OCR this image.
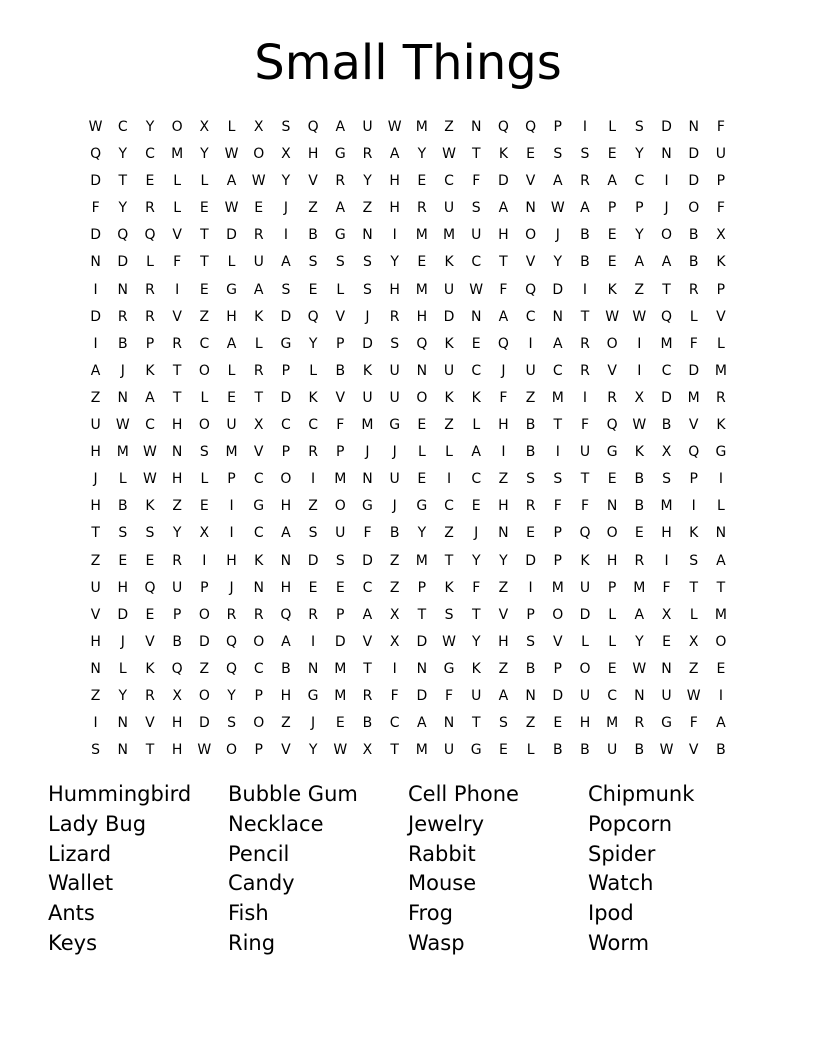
Small Things
W	C	Y	O	X	L	X	S	Q	A	U	W	M	Z	N	Q	Q	P	I	L	S	D	N	F
Q	Y	C	M	Y	W	O	X	H	G	R	A	Y	W	T	K	E	S	S	E	Y	N	D	U
D	T	E	L	L	A	W	Y	V	R	Y	H	E	C	F	D	V	A	R	A	C	I	D	P
F	Y	R	L	E	W	E	J	Z	A	Z	H	R	U	S	A	N	W	A	P	P	J	O	F
D	Q	Q	V	T	D	R	I	B	G	N	I	M	M	U	H	O	J	B	E	Y	O	B	X
N	D	L	F	T	L	U	A	S	S	S	Y	E	K	C	T	V	Y	B	E	A	A	B	K
I	N	R	I	E	G	A	S	E	L	S	H	M	U	W	F	Q	D	I	K	Z	T	R	P
D	R	R	V	Z	H	K	D	Q	V	J	R	H	D	N	A	C	N	T	W W	Q	L	V
I	B	P	R	C	A	L	G	Y	P	D	S	Q	K	E	Q	I	A	R	O	I	M	F	L
A	J	K	T	O	L	R	P	L	B	K	U	N	U	C	J	U	C	R	V	I	C	D	M
Z	N	A	T	L	E	T	D	K	V	U	U	O	K	K	F	Z	M	I	R	X	D	M	R
U	W	C	H	O	U	X	C	C	F	M	G	E	Z	L	H	B	T	F	Q	W	B	V	K
H	M	W	N	S	M	V	P	R	P	J	J	L	L	A	I	B	I	U	G	K	X	Q	G
J	L	W	H	L	P	C	O	I	M	N	U	E	I	C	Z	S	S	T	E	B	S	P	I
H	B	K	Z	E	I	G	H	Z	O	G	J	G	C	E	H	R	F	F	N	B	M	I	L
T	S	S	Y	X	I	C	A	S	U	F	B	Y	Z	J	N	E	P	Q	O	E	H	K	N
Z	E	E	R	I	H	K	N	D	S	D	Z	M	T	Y	Y	D	P	K	H	R	I	S	A
U	H	Q	U	P	J	N	H	E	E	C	Z	P	K	F	Z	I	M	U	P	M	F	T	T
V	D	E	P	O	R	R	Q	R	P	A	X	T	S	T	V	P	O	D	L	A	X	L	M
H	J	V	B	D	Q	O	A	I	D	V	X	D	W	Y	H	S	V	L	L	Y	E	X	O
N	L	K	Q	Z	Q	C	B	N	M	T	I	N	G	K	Z	B	P	O	E	W	N	Z	E
Z	Y	R	X	O	Y	P	H	G	M	R	F	D	F	U	A	N	D	U	C	N	U	W	I
I	N	V	H	D	S	O	Z	J	E	B	C	A	N	T	S	Z	E	H	M	R	G	F	A
S	N	T	H	W	O	P	V	Y	W	X	T	M	U	G	E	L	B	B	U	B	W	V	B
Hummingbird	Bubble Gum	Cell Phone	Chipmunk
Lady Bug	Necklace	Jewelry	Popcorn
Lizard	Pencil	Rabbit	Spider
Wallet	Candy	Mouse	Watch
Ants	Fish	Frog	Ipod
Keys	Ring	Wasp	Worm
